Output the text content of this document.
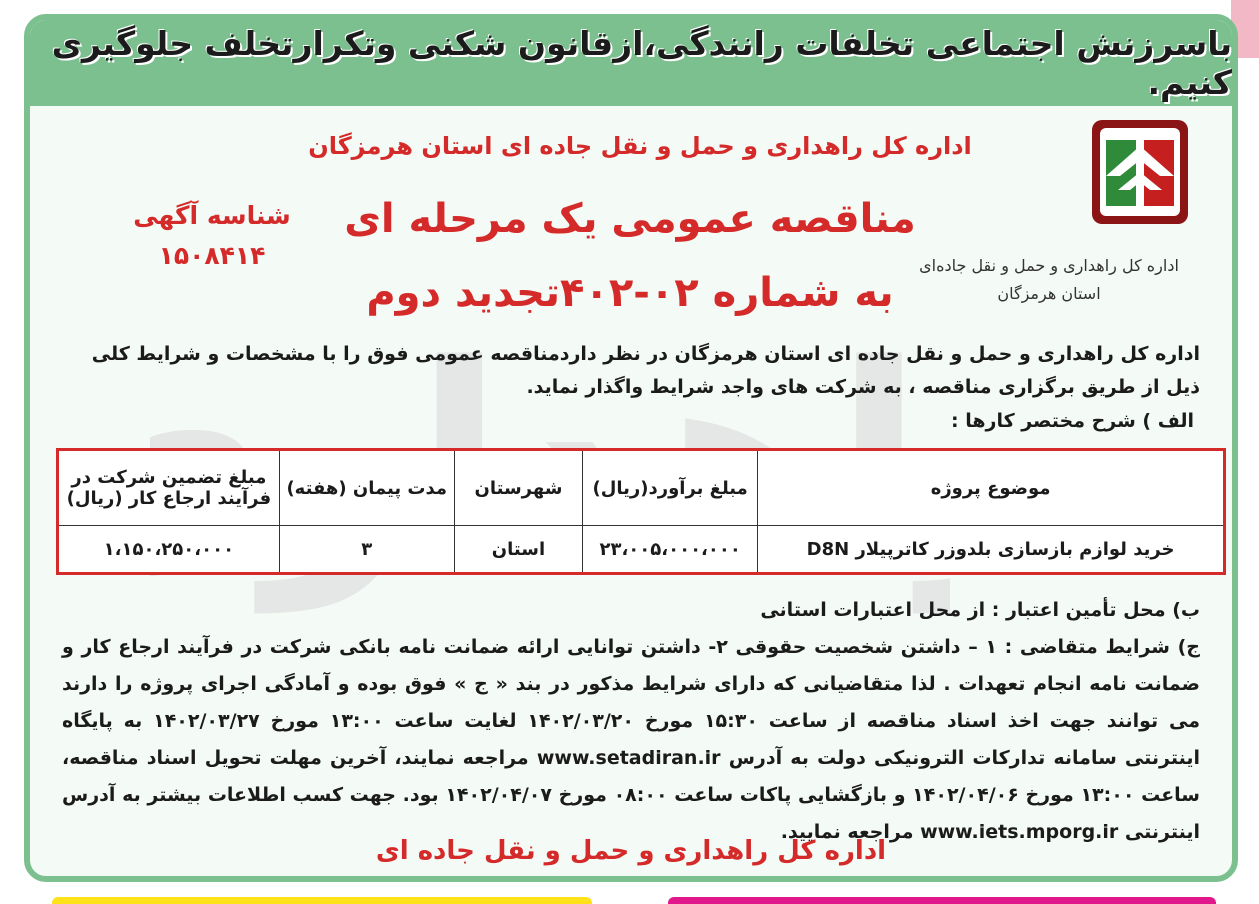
باسرزنش اجتماعی تخلفات رانندگی،ازقانون شکنی وتکرارتخلف جلوگیری کنیم.
اداره کل راهداری و حمل و نقل جاده‌ای
استان هرمزگان
اداره کل راهداری و حمل و نقل جاده ای استان هرمزگان
مناقصه عمومی یک مرحله ای
به شماره ۰۲-۴۰۲تجدید دوم
شناسه آگهی
۱۵۰۸۴۱۴
اداره کل راهداری و حمل و نقل جاده ای استان هرمزگان در نظر داردمناقصه عمومی فوق را با مشخصات و شرایط کلی ذیل از طریق برگزاری مناقصه ، به شرکت های واجد شرایط واگذار نماید.
الف ) شرح مختصر کارها :
موضوع پروژه	مبلغ برآورد(ریال)	شهرستان	مدت پیمان (هفته)	مبلغ تضمین شرکت در فرآیند ارجاع کار (ریال)
خرید لوازم بازسازی بلدوزر کاترپیلار D8N	۲۳،۰۰۵،۰۰۰،۰۰۰	استان	۳	۱،۱۵۰،۲۵۰،۰۰۰

ب) محل تأمین اعتبار : از محل اعتبارات استانی

ج) شرایط متقاضی : ۱ – داشتن شخصیت حقوقی ۲- داشتن توانایی ارائه ضمانت نامه بانکی شرکت در فرآیند ارجاع کار و ضمانت نامه انجام تعهدات . لذا متقاضیانی که دارای شرایط مذکور در بند « ج » فوق بوده و آمادگی اجرای پروژه را دارند می توانند جهت اخذ اسناد مناقصه از ساعت ۱۵:۳۰ مورخ ۱۴۰۲/۰۳/۲۰ لغایت ساعت ۱۳:۰۰ مورخ ۱۴۰۲/۰۳/۲۷ به پایگاه اینترنتی سامانه تدارکات الترونیکی دولت به آدرس www.setadiran.ir مراجعه نمایند، آخرین مهلت تحویل اسناد مناقصه، ساعت ۱۳:۰۰ مورخ ۱۴۰۲/۰۴/۰۶ و بازگشایی پاکات ساعت ۰۸:۰۰ مورخ ۱۴۰۲/۰۴/۰۷ بود. جهت کسب اطلاعات بیشتر به آدرس اینترنتی www.iets.mporg.ir مراجعه نمایید.

اداره کل راهداری و حمل و نقل جاده ای
